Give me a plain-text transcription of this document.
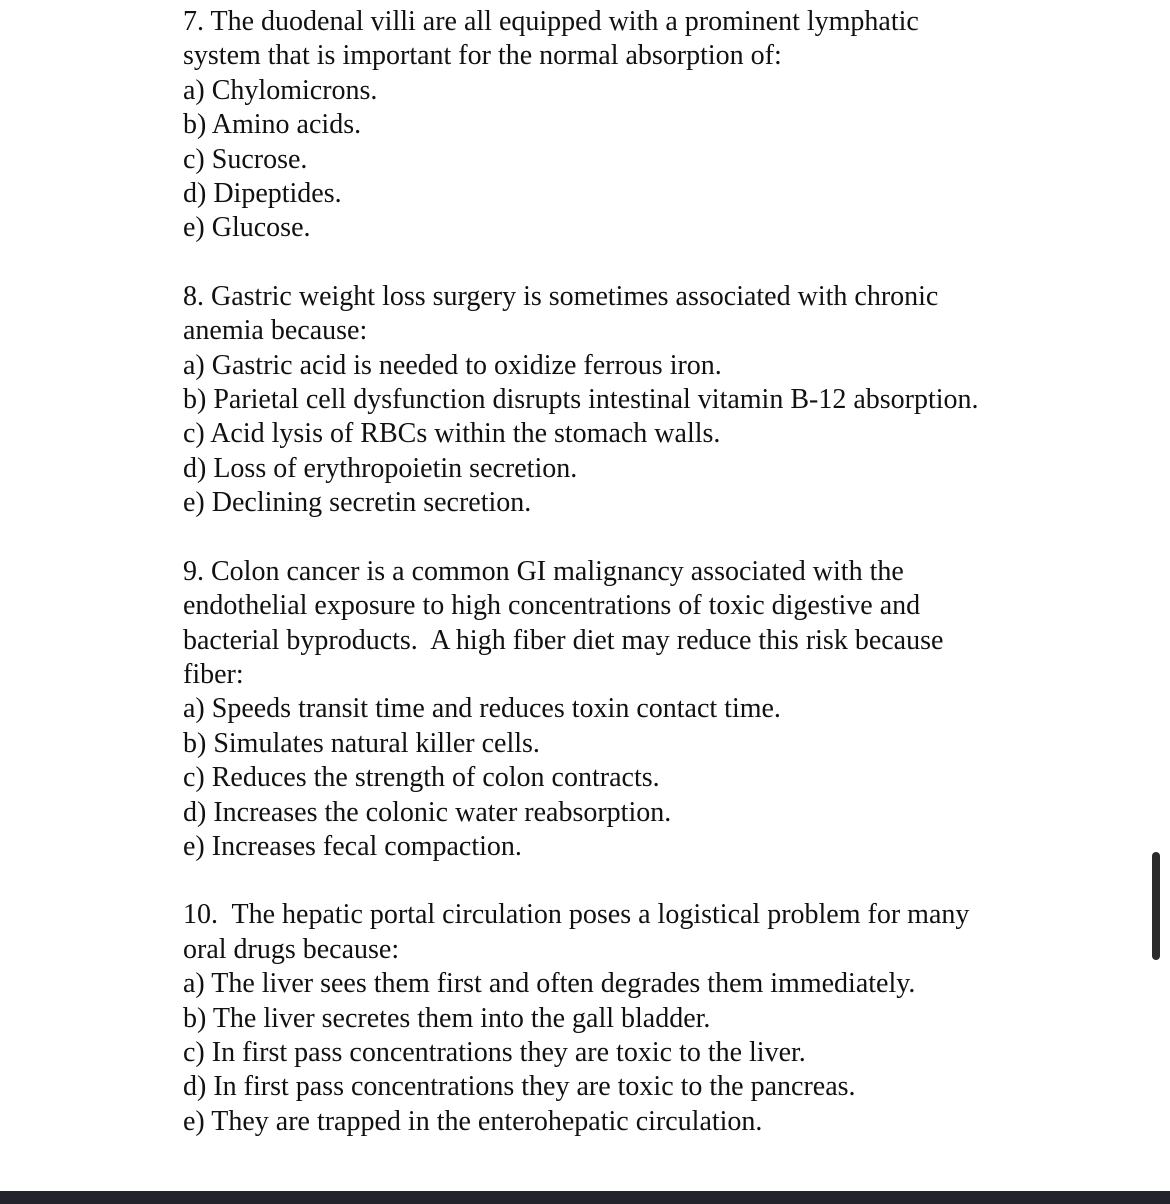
7. The duodenal villi are all equipped with a prominent lymphatic system that is important for the normal absorption of:
a) Chylomicrons.
b) Amino acids.
c) Sucrose.
d) Dipeptides.
e) Glucose.
8. Gastric weight loss surgery is sometimes associated with chronic anemia because:
a) Gastric acid is needed to oxidize ferrous iron.
b) Parietal cell dysfunction disrupts intestinal vitamin B-12 absorption.
c) Acid lysis of RBCs within the stomach walls.
d) Loss of erythropoietin secretion.
e) Declining secretin secretion.
9. Colon cancer is a common GI malignancy associated with the endothelial exposure to high concentrations of toxic digestive and bacterial byproducts.  A high fiber diet may reduce this risk because fiber:
a) Speeds transit time and reduces toxin contact time.
b) Simulates natural killer cells.
c) Reduces the strength of colon contracts.
d) Increases the colonic water reabsorption.
e) Increases fecal compaction.
10.  The hepatic portal circulation poses a logistical problem for many oral drugs because:
a) The liver sees them first and often degrades them immediately.
b) The liver secretes them into the gall bladder.
c) In first pass concentrations they are toxic to the liver.
d) In first pass concentrations they are toxic to the pancreas.
e) They are trapped in the enterohepatic circulation.
